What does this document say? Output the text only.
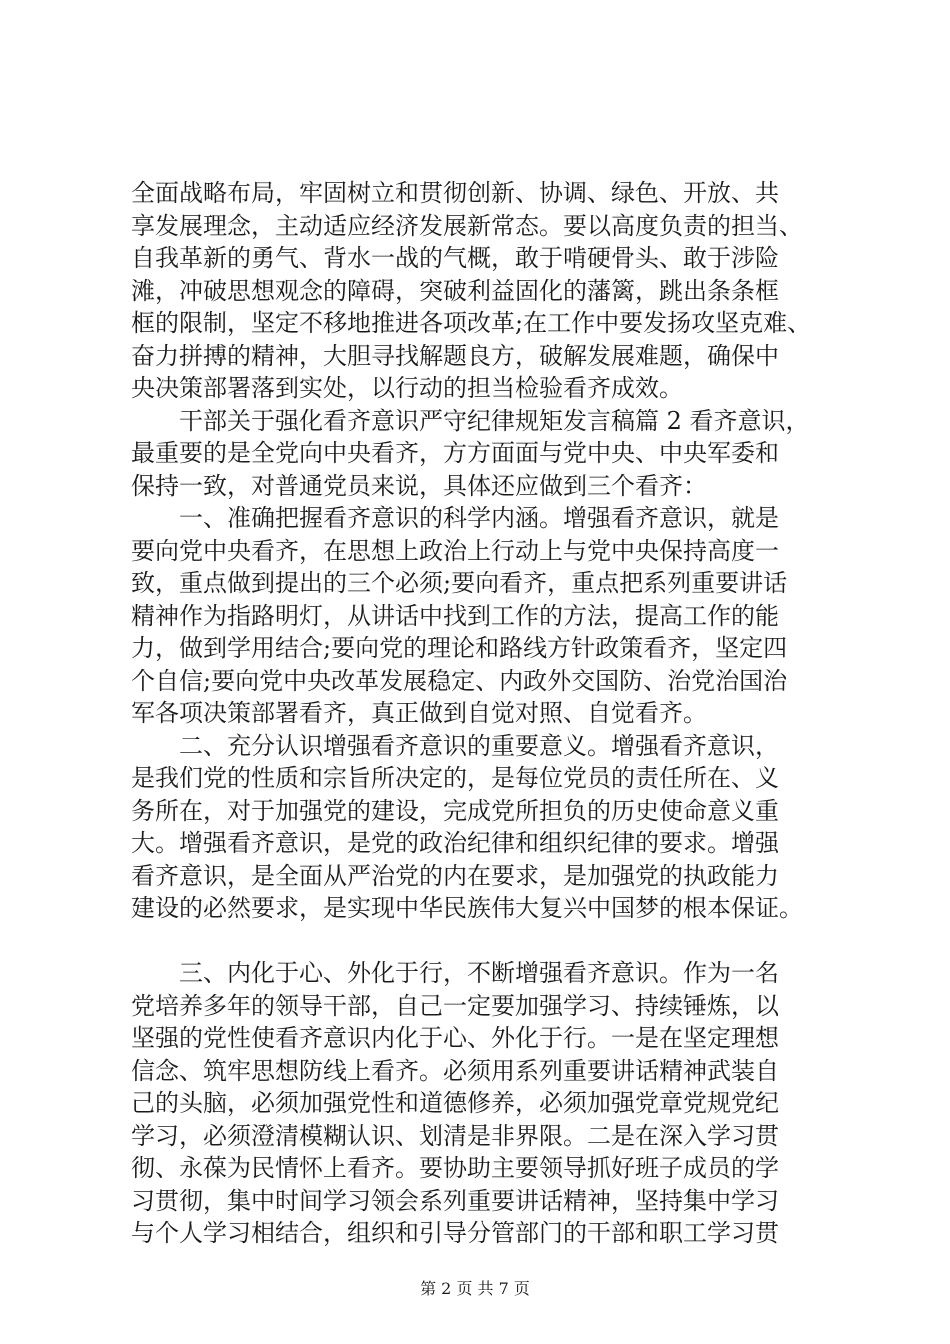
全面战略布局，牢固树立和贯彻创新、协调、绿色、开放、共
享发展理念，主动适应经济发展新常态。要以高度负责的担当、
自我革新的勇气、背水一战的气概，敢于啃硬骨头、敢于涉险
滩，冲破思想观念的障碍，突破利益固化的藩篱，跳出条条框
框的限制，坚定不移地推进各项改革;在工作中要发扬攻坚克难、
奋力拼搏的精神，大胆寻找解题良方，破解发展难题，确保中
央决策部署落到实处，以行动的担当检验看齐成效。
　　干部关于强化看齐意识严守纪律规矩发言稿篇 2 看齐意识，
最重要的是全党向中央看齐，方方面面与党中央、中央军委和
保持一致，对普通党员来说，具体还应做到三个看齐：
　　一、准确把握看齐意识的科学内涵。增强看齐意识，就是
要向党中央看齐，在思想上政治上行动上与党中央保持高度一
致，重点做到提出的三个必须;要向看齐，重点把系列重要讲话
精神作为指路明灯，从讲话中找到工作的方法，提高工作的能
力，做到学用结合;要向党的理论和路线方针政策看齐，坚定四
个自信;要向党中央改革发展稳定、内政外交国防、治党治国治
军各项决策部署看齐，真正做到自觉对照、自觉看齐。
　　二、充分认识增强看齐意识的重要意义。增强看齐意识，
是我们党的性质和宗旨所决定的，是每位党员的责任所在、义
务所在，对于加强党的建设，完成党所担负的历史使命意义重
大。增强看齐意识，是党的政治纪律和组织纪律的要求。增强
看齐意识，是全面从严治党的内在要求，是加强党的执政能力
建设的必然要求，是实现中华民族伟大复兴中国梦的根本保证。
　　三、内化于心、外化于行，不断增强看齐意识。作为一名
党培养多年的领导干部，自己一定要加强学习、持续锤炼，以
坚强的党性使看齐意识内化于心、外化于行。一是在坚定理想
信念、筑牢思想防线上看齐。必须用系列重要讲话精神武装自
己的头脑，必须加强党性和道德修养，必须加强党章党规党纪
学习，必须澄清模糊认识、划清是非界限。二是在深入学习贯
彻、永葆为民情怀上看齐。要协助主要领导抓好班子成员的学
习贯彻，集中时间学习领会系列重要讲话精神，坚持集中学习
与个人学习相结合，组织和引导分管部门的干部和职工学习贯
第 2 页 共 7 页
